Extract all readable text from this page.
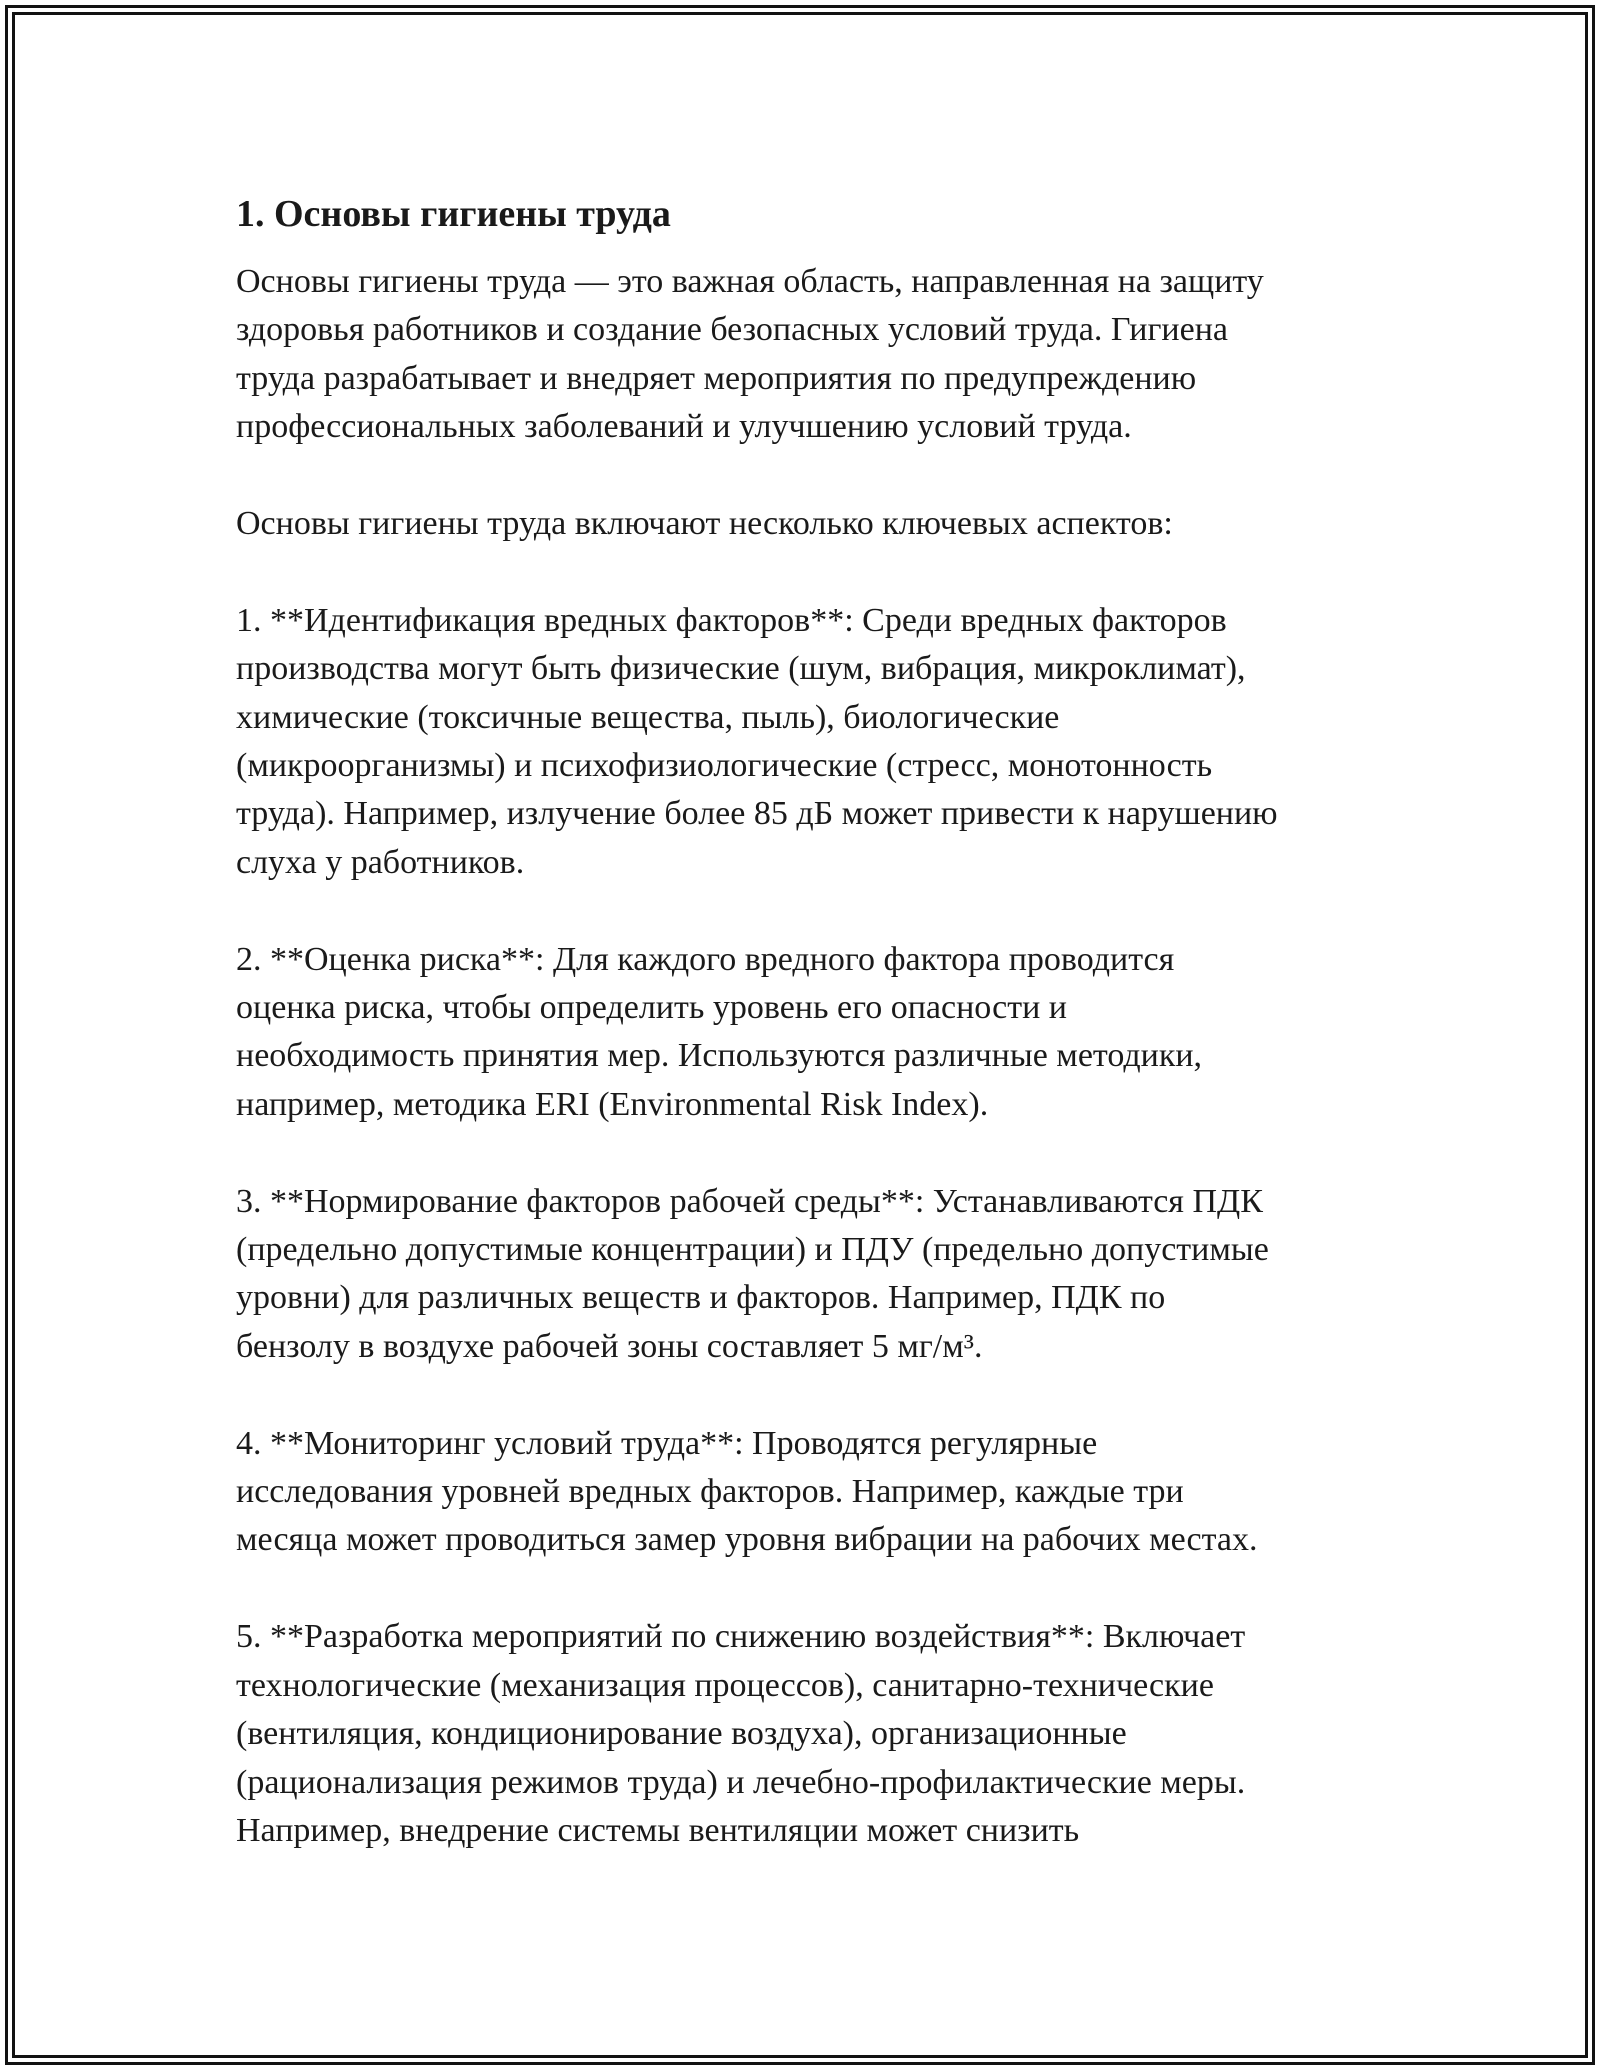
1. Основы гигиены труда
Основы гигиены труда — это важная область, направленная на защиту
здоровья работников и создание безопасных условий труда. Гигиена
труда разрабатывает и внедряет мероприятия по предупреждению
профессиональных заболеваний и улучшению условий труда.
Основы гигиены труда включают несколько ключевых аспектов:
1. **Идентификация вредных факторов**: Среди вредных факторов
производства могут быть физические (шум, вибрация, микроклимат),
химические (токсичные вещества, пыль), биологические
(микроорганизмы) и психофизиологические (стресс, монотонность
труда). Например, излучение более 85 дБ может привести к нарушению
слуха у работников.
2. **Оценка риска**: Для каждого вредного фактора проводится
оценка риска, чтобы определить уровень его опасности и
необходимость принятия мер. Используются различные методики,
например, методика ERI (Environmental Risk Index).
3. **Нормирование факторов рабочей среды**: Устанавливаются ПДК
(предельно допустимые концентрации) и ПДУ (предельно допустимые
уровни) для различных веществ и факторов. Например, ПДК по
бензолу в воздухе рабочей зоны составляет 5 мг/м³.
4. **Мониторинг условий труда**: Проводятся регулярные
исследования уровней вредных факторов. Например, каждые три
месяца может проводиться замер уровня вибрации на рабочих местах.
5. **Разработка мероприятий по снижению воздействия**: Включает
технологические (механизация процессов), санитарно-технические
(вентиляция, кондиционирование воздуха), организационные
(рационализация режимов труда) и лечебно-профилактические меры.
Например, внедрение системы вентиляции может снизить
